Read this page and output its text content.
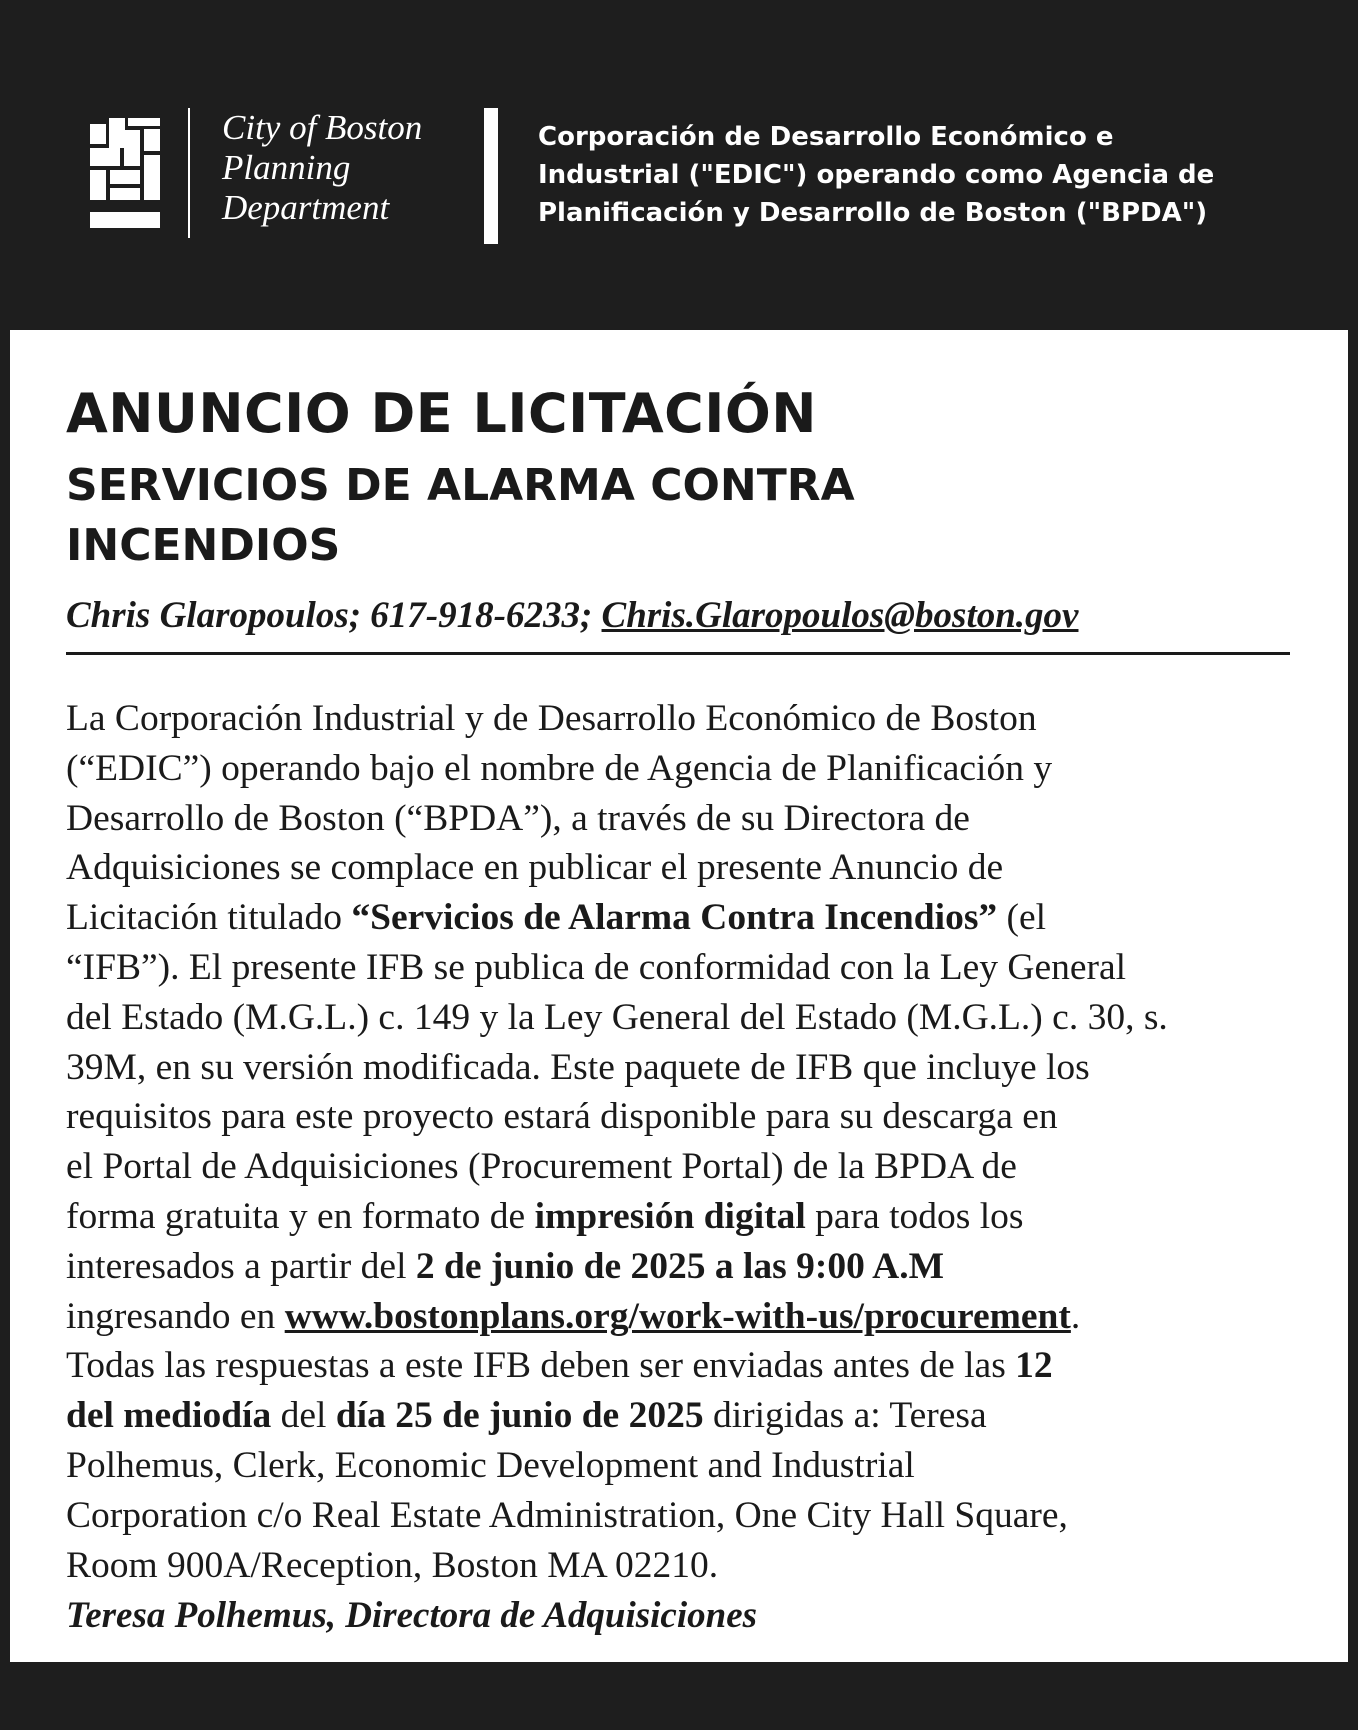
City of Boston
Planning
Department
Corporación de Desarrollo Económico e
Industrial ("EDIC") operando como Agencia de
Planificación y Desarrollo de Boston ("BPDA")
ANUNCIO DE LICITACIÓN
SERVICIOS DE ALARMA CONTRA
INCENDIOS
Chris Glaropoulos; 617-918-6233; Chris.Glaropoulos@boston.gov
La Corporación Industrial y de Desarrollo Económico de Boston
(“EDIC”) operando bajo el nombre de Agencia de Planificación y
Desarrollo de Boston (“BPDA”), a través de su Directora de
Adquisiciones se complace en publicar el presente Anuncio de
Licitación titulado “Servicios de Alarma Contra Incendios” (el
“IFB”). El presente IFB se publica de conformidad con la Ley General
del Estado (M.G.L.) c. 149 y la Ley General del Estado (M.G.L.) c. 30, s.
39M, en su versión modificada. Este paquete de IFB que incluye los
requisitos para este proyecto estará disponible para su descarga en
el Portal de Adquisiciones (Procurement Portal) de la BPDA de
forma gratuita y en formato de impresión digital para todos los
interesados a partir del 2 de junio de 2025 a las 9:00 A.M
ingresando en www.bostonplans.org/work-with-us/procurement.
Todas las respuestas a este IFB deben ser enviadas antes de las 12
del mediodía del día 25 de junio de 2025 dirigidas a: Teresa
Polhemus, Clerk, Economic Development and Industrial
Corporation c/o Real Estate Administration, One City Hall Square,
Room 900A/Reception, Boston MA 02210.
Teresa Polhemus, Directora de Adquisiciones
